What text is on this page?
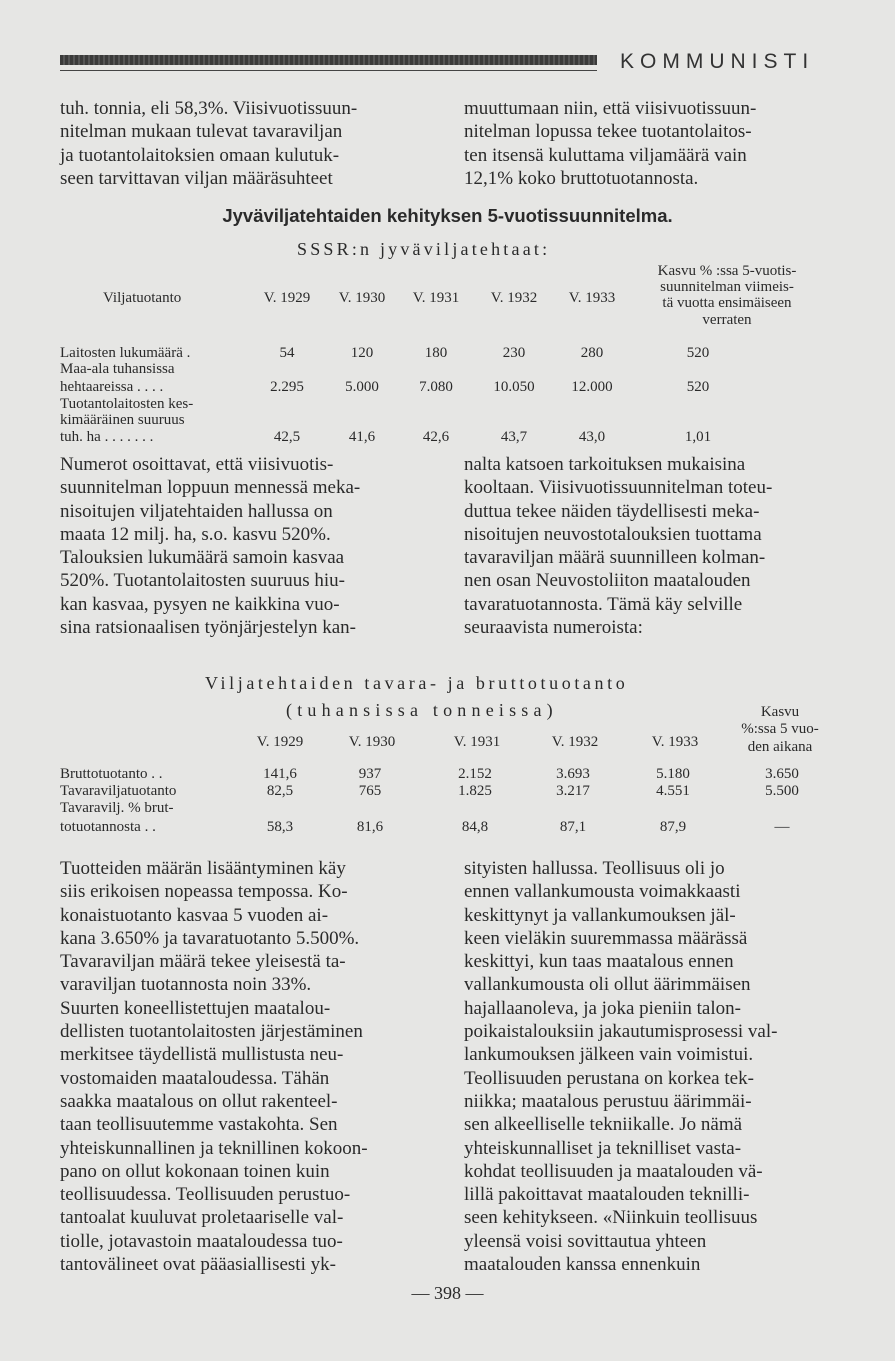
KOMMUNISTI
tuh. tonnia, eli 58,3%. Viisivuotissuun-
nitelman mukaan tulevat tavaraviljan
ja tuotantolaitoksien omaan kulutuk-
seen tarvittavan viljan määräsuhteet
muuttumaan niin, että viisivuotissuun-
nitelman lopussa tekee tuotantolaitos-
ten itsensä kuluttama viljamäärä vain
12,1% koko bruttotuotannosta.
Jyväviljatehtaiden kehityksen 5-vuotissuunnitelma.
SSSR:n jyväviljatehtaat:
Viljatuotanto	V. 1929	V. 1930	V. 1931	V. 1932	V. 1933
Kasvu % :ssa 5-vuotis-
suunnitelman viimeis-
tä vuotta ensimäiseen
verraten
Laitosten lukumäärä .	54	120	180	230	280	520
Maa-ala tuhansissa
hehtaareissa . . . .	2.295	5.000	7.080	10.050	12.000	520
Tuotantolaitosten kes-
kimääräinen suuruus
tuh. ha . . . . . . .	42,5	41,6	42,6	43,7	43,0	1,01
Numerot osoittavat, että viisivuotis-
suunnitelman loppuun mennessä meka-
nisoitujen viljatehtaiden hallussa on
maata 12 milj. ha, s.o. kasvu 520%.
Talouksien lukumäärä samoin kasvaa
520%. Tuotantolaitosten suuruus hiu-
kan kasvaa, pysyen ne kaikkina vuo-
sina ratsionaalisen työnjärjestelyn kan-
nalta katsoen tarkoituksen mukaisina
kooltaan. Viisivuotissuunnitelman toteu-
duttua tekee näiden täydellisesti meka-
nisoitujen neuvostotalouksien tuottama
tavaraviljan määrä suunnilleen kolman-
nen osan Neuvostoliiton maatalouden
tavaratuotannosta. Tämä käy selville
seuraavista numeroista:
Viljatehtaiden tavara- ja bruttotuotanto
(tuhansissa tonneissa)
V. 1929	V. 1930	V. 1931	V. 1932	V. 1933
Kasvu
%:ssa 5 vuo-
den aikana
Bruttotuotanto . .	141,6	937	2.152	3.693	5.180	3.650
Tavaraviljatuotanto	82,5	765	1.825	3.217	4.551	5.500
Tavaravilj. % brut-
totuotannosta . .	58,3	81,6	84,8	87,1	87,9	—
Tuotteiden määrän lisääntyminen käy
siis erikoisen nopeassa tempossa. Ko-
konaistuotanto kasvaa 5 vuoden ai-
kana 3.650% ja tavaratuotanto 5.500%.
Tavaraviljan määrä tekee yleisestä ta-
varaviljan tuotannosta noin 33%.
Suurten koneellistettujen maatalou-
dellisten tuotantolaitosten järjestäminen
merkitsee täydellistä mullistusta neu-
vostomaiden maataloudessa. Tähän
saakka maatalous on ollut rakenteel-
taan teollisuutemme vastakohta. Sen
yhteiskunnallinen ja teknillinen kokoon-
pano on ollut kokonaan toinen kuin
teollisuudessa. Teollisuuden perustuo-
tantoalat kuuluvat proletaariselle val-
tiolle, jotavastoin maataloudessa tuo-
tantovälineet ovat pääasiallisesti yk-
sityisten hallussa. Teollisuus oli jo
ennen vallankumousta voimakkaasti
keskittynyt ja vallankumouksen jäl-
keen vieläkin suuremmassa määrässä
keskittyi, kun taas maatalous ennen
vallankumousta oli ollut äärimmäisen
hajallaanoleva, ja joka pieniin talon-
poikaistalouksiin jakautumisprosessi val-
lankumouksen jälkeen vain voimistui.
Teollisuuden perustana on korkea tek-
niikka; maatalous perustuu äärimmäi-
sen alkeelliselle tekniikalle. Jo nämä
yhteiskunnalliset ja teknilliset vasta-
kohdat teollisuuden ja maatalouden vä-
lillä pakoittavat maatalouden teknilli-
seen kehitykseen. «Niinkuin teollisuus
yleensä voisi sovittautua yhteen
maatalouden kanssa ennenkuin
— 398 —
